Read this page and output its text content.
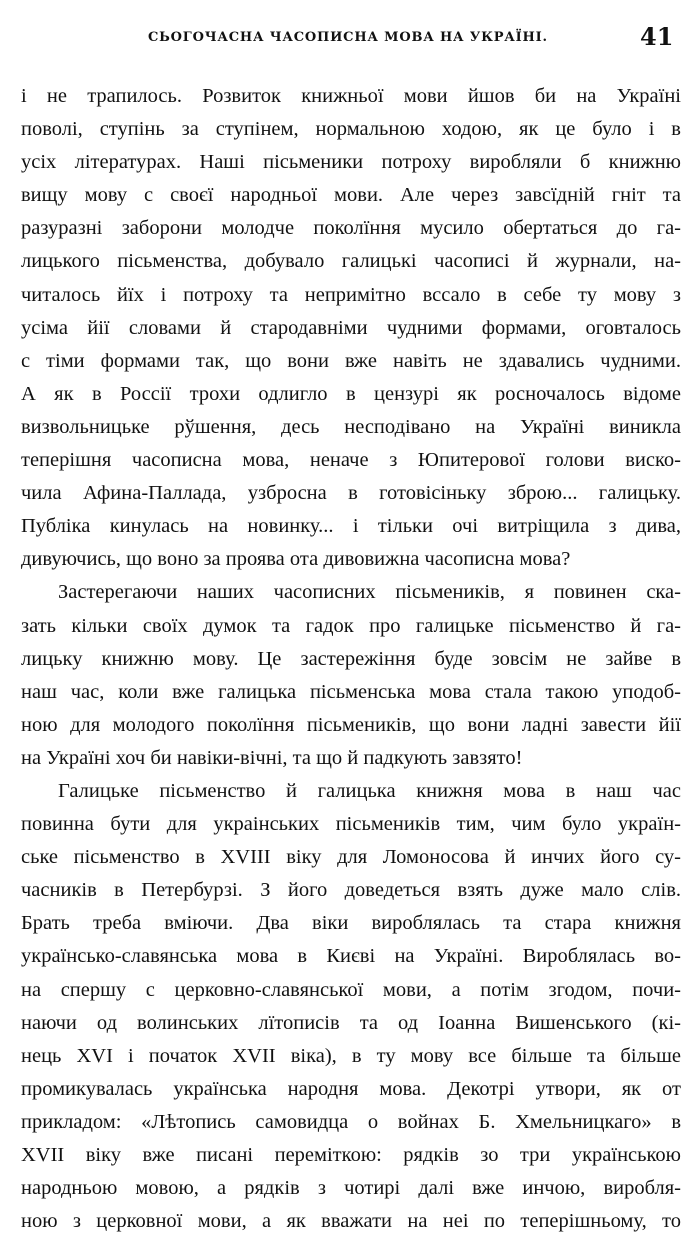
СЬОГОЧАСНА ЧАСОПИСНА МОВА НА УКРАЇНІ.	41
і не трапилось. Розвиток книжньої мови йшов би на Україні
поволі, ступінь за ступінем, нормальною ходою, як це було і в
усіх літературах. Наші пісьменики потроху виробляли б книжню
вищу мову с своєї народньої мови. Але через завсїдній гніт та
разуразні заборони молодче поколїння мусило обертаться до га-
лицького пісьменства, добувало галицькі часописі й журнали, на-
читалось йїх і потроху та непримітно вссало в себе ту мову з
усіма йії словами й стародавніми чудними формами, оговталось
с тіми формами так, що вони вже навіть не здавались чудними.
А як в Россії трохи одлигло в цензурі як росночалось відоме
визвольницьке рўшення, десь несподівано на Україні виникла
теперішня часописна мова, неначе з Юпитерової голови виско-
чила Афина-Паллада, узбросна в готовісіньку зброю... галицьку.
Публіка кинулась на новинку... і тільки очі витріщила з дива,
дивуючись, що воно за проява ота дивовижна часописна мова?
Застерегаючи наших часописних пісьмеників, я повинен ска-
зать кільки своїх думок та гадок про галицьке пісьменство й га-
лицьку книжню мову. Це застережіння буде зовсім не зайве в
наш час, коли вже галицька пісьменська мова стала такою уподоб-
ною для молодого поколїння пісьмеників, що вони ладні завести йії
на Україні хоч би навіки-вічні, та що й падкують завзято!
Галицьке пісьменство й галицька книжня мова в наш час
повинна бути для украінських пісьмеників тим, чим було україн-
ське пісьменство в XVIII віку для Ломоносова й инчих його су-
часників в Петербурзі. З його доведеться взять дуже мало слів.
Брать треба вміючи. Два віки вироблялась та стара книжня
українсько-славянська мова в Києві на Україні. Вироблялась во-
на спершу с церковно-славянської мови, а потім згодом, почи-
наючи од волинських лїтописів та од Іоанна Вишенського (кі-
нець XVI і початок XVII віка), в ту мову все більше та більше
промикувалась українська народня мова. Декотрі утвори, як от
прикладом: «Лѣтопись самовидца о войнах Б. Хмельницкаго» в
XVII віку вже писані переміткою: рядків зо три українською
народньою мовою, а рядків з чотирі далі вже инчою, виробля-
ною з церковної мови, а як вважати на неі по теперішньому, то
